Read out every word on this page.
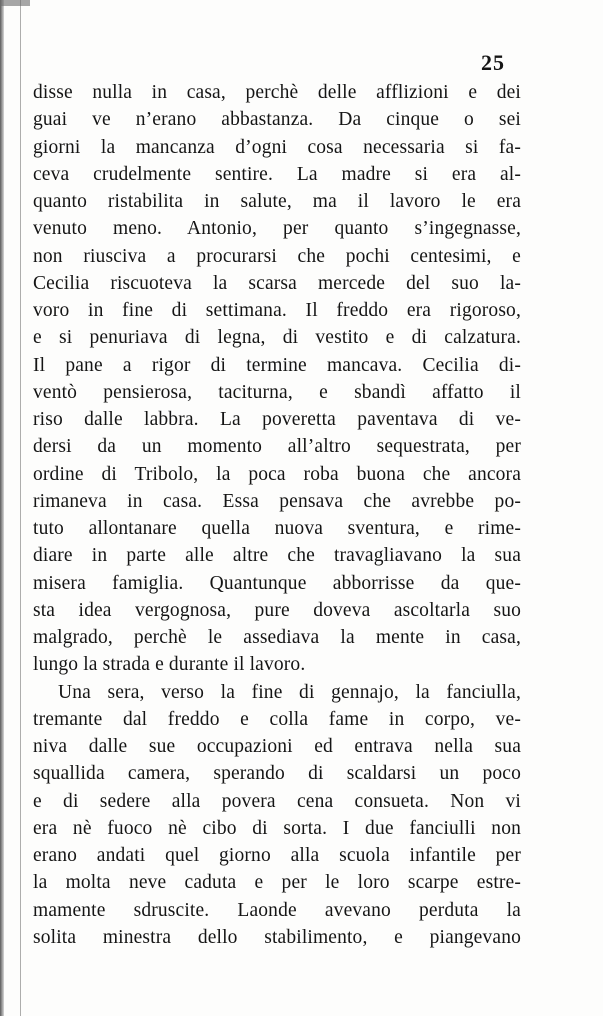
25
disse nulla in casa, perchè delle afflizioni e dei
guai ve n’erano abbastanza. Da cinque o sei
giorni la mancanza d’ogni cosa necessaria si fa-
ceva crudelmente sentire. La madre si era al-
quanto ristabilita in salute, ma il lavoro le era
venuto meno. Antonio, per quanto s’ingegnasse,
non riusciva a procurarsi che pochi centesimi, e
Cecilia riscuoteva la scarsa mercede del suo la-
voro in fine di settimana. Il freddo era rigoroso,
e si penuriava di legna, di vestito e di calzatura.
Il pane a rigor di termine mancava. Cecilia di-
ventò pensierosa, taciturna, e sbandì affatto il
riso dalle labbra. La poveretta paventava di ve-
dersi da un momento all’altro sequestrata, per
ordine di Tribolo, la poca roba buona che ancora
rimaneva in casa. Essa pensava che avrebbe po-
tuto allontanare quella nuova sventura, e rime-
diare in parte alle altre che travagliavano la sua
misera famiglia. Quantunque abborrisse da que-
sta idea vergognosa, pure doveva ascoltarla suo
malgrado, perchè le assediava la mente in casa,
lungo la strada e durante il lavoro.
Una sera, verso la fine di gennajo, la fanciulla,
tremante dal freddo e colla fame in corpo, ve-
niva dalle sue occupazioni ed entrava nella sua
squallida camera, sperando di scaldarsi un poco
e di sedere alla povera cena consueta. Non vi
era nè fuoco nè cibo di sorta. I due fanciulli non
erano andati quel giorno alla scuola infantile per
la molta neve caduta e per le loro scarpe estre-
mamente sdruscite. Laonde avevano perduta la
solita minestra dello stabilimento, e piangevano
